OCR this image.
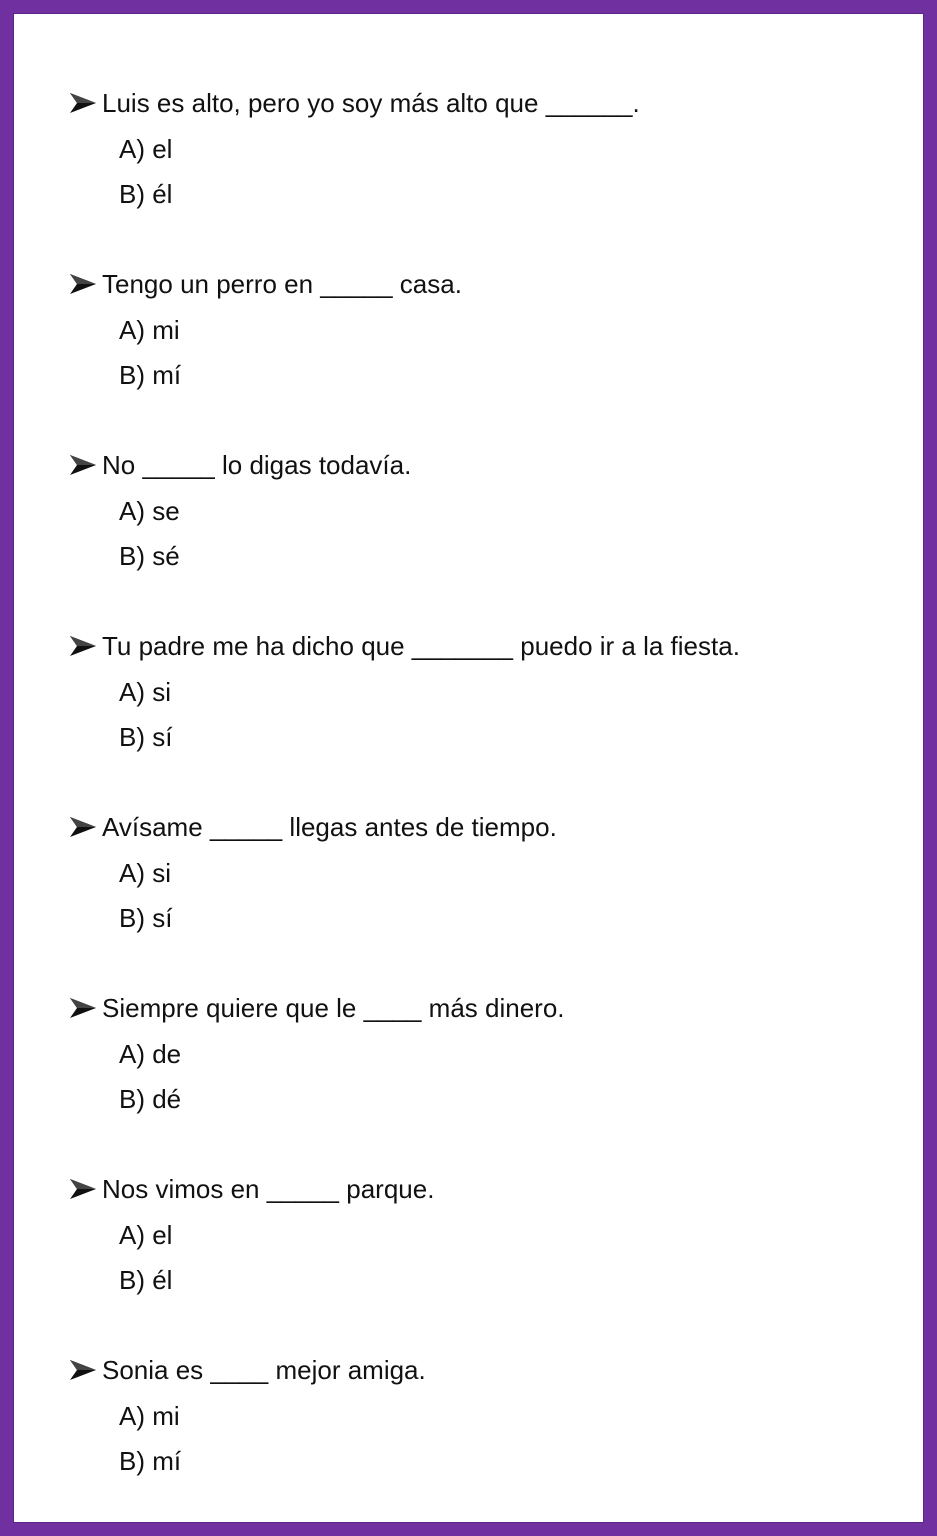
Luis es alto, pero yo soy más alto que ______.
A) el
B) él
Tengo un perro en _____ casa.
A) mi
B) mí
No _____ lo digas todavía.
A) se
B) sé
Tu padre me ha dicho que _______ puedo ir a la fiesta.
A) si
B) sí
Avísame _____ llegas antes de tiempo.
A) si
B) sí
Siempre quiere que le ____ más dinero.
A) de
B) dé
Nos vimos en _____ parque.
A) el
B) él
Sonia es ____ mejor amiga.
A) mi
B) mí
